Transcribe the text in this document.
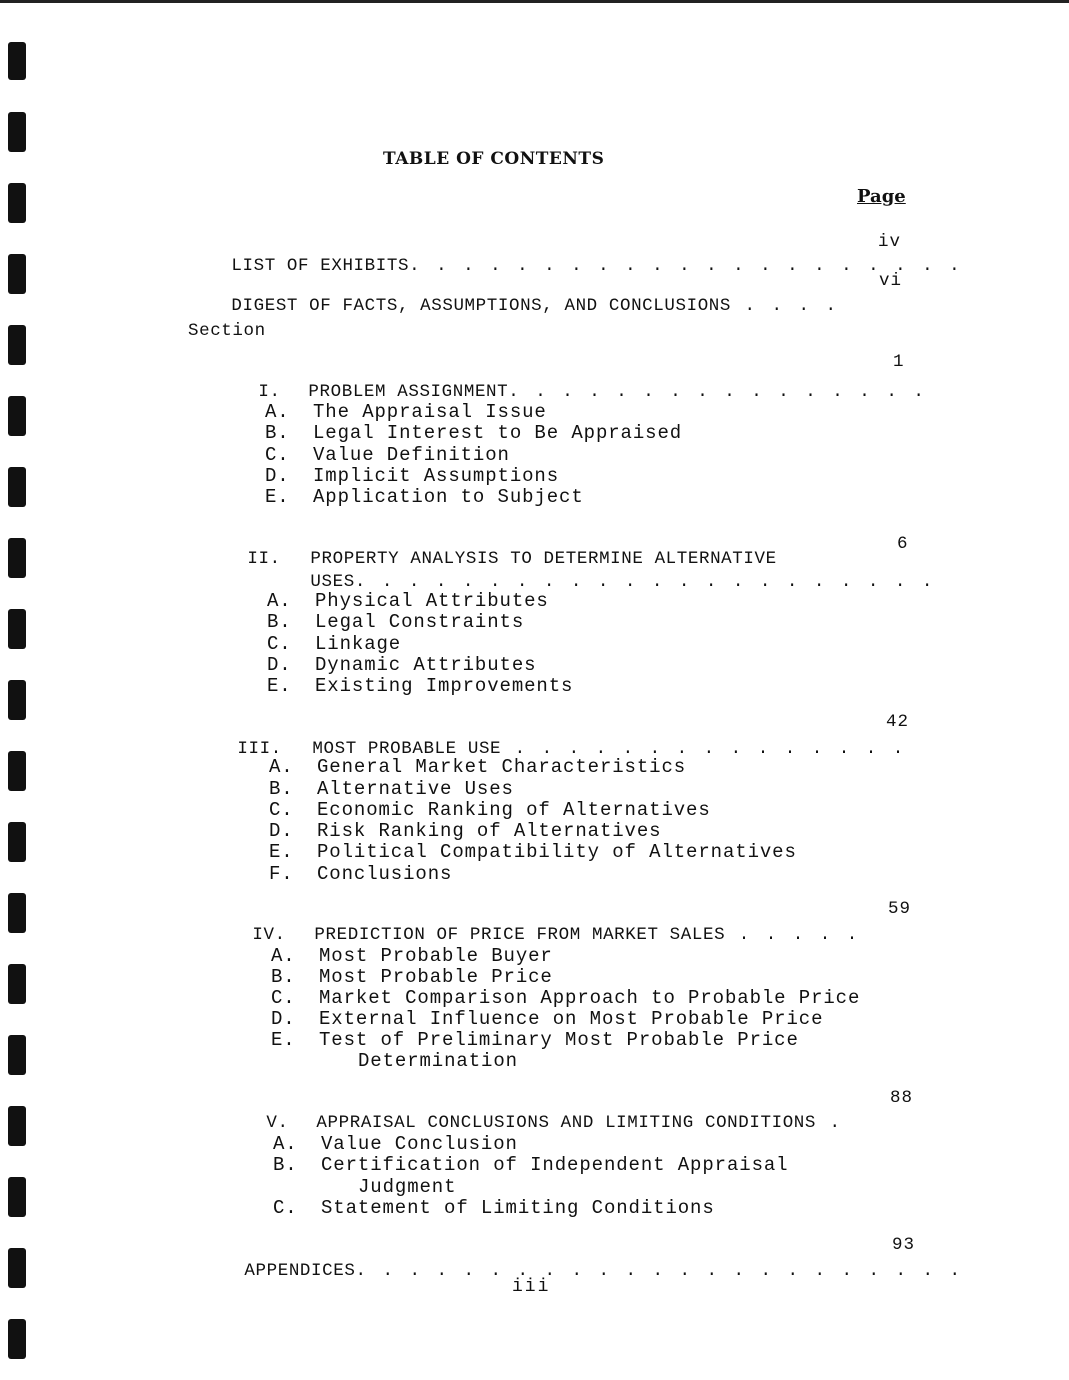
TABLE OF CONTENTS
Page

LIST OF EXHIBITS. . . . . . . . . . . . . . . . . . . . .

iv

DIGEST OF FACTS, ASSUMPTIONS, AND CONCLUSIONS . . . .

vi
Section

I. PROBLEM ASSIGNMENT. . . . . . . . . . . . . . . .

1
A. The Appraisal Issue
B. Legal Interest to Be Appraised
C. Value Definition
D. Implicit Assumptions
E. Application to Subject

II. PROPERTY ANALYSIS TO DETERMINE ALTERNATIVE

USES. . . . . . . . . . . . . . . . . . . . . .

6
A. Physical Attributes
B. Legal Constraints
C. Linkage
D. Dynamic Attributes
E. Existing Improvements

III. MOST PROBABLE USE . . . . . . . . . . . . . . .

42
A. General Market Characteristics
B. Alternative Uses
C. Economic Ranking of Alternatives
D. Risk Ranking of Alternatives
E. Political Compatibility of Alternatives
F. Conclusions

IV. PREDICTION OF PRICE FROM MARKET SALES . . . . .

59
A. Most Probable Buyer
B. Most Probable Price
C. Market Comparison Approach to Probable Price
D. External Influence on Most Probable Price
E. Test of Preliminary Most Probable Price
Determination

V. APPRAISAL CONCLUSIONS AND LIMITING CONDITIONS .

88
A. Value Conclusion
B. Certification of Independent Appraisal
Judgment
C. Statement of Limiting Conditions

APPENDICES. . . . . . . . . . . . . . . . . . . . . . .

93
iii
